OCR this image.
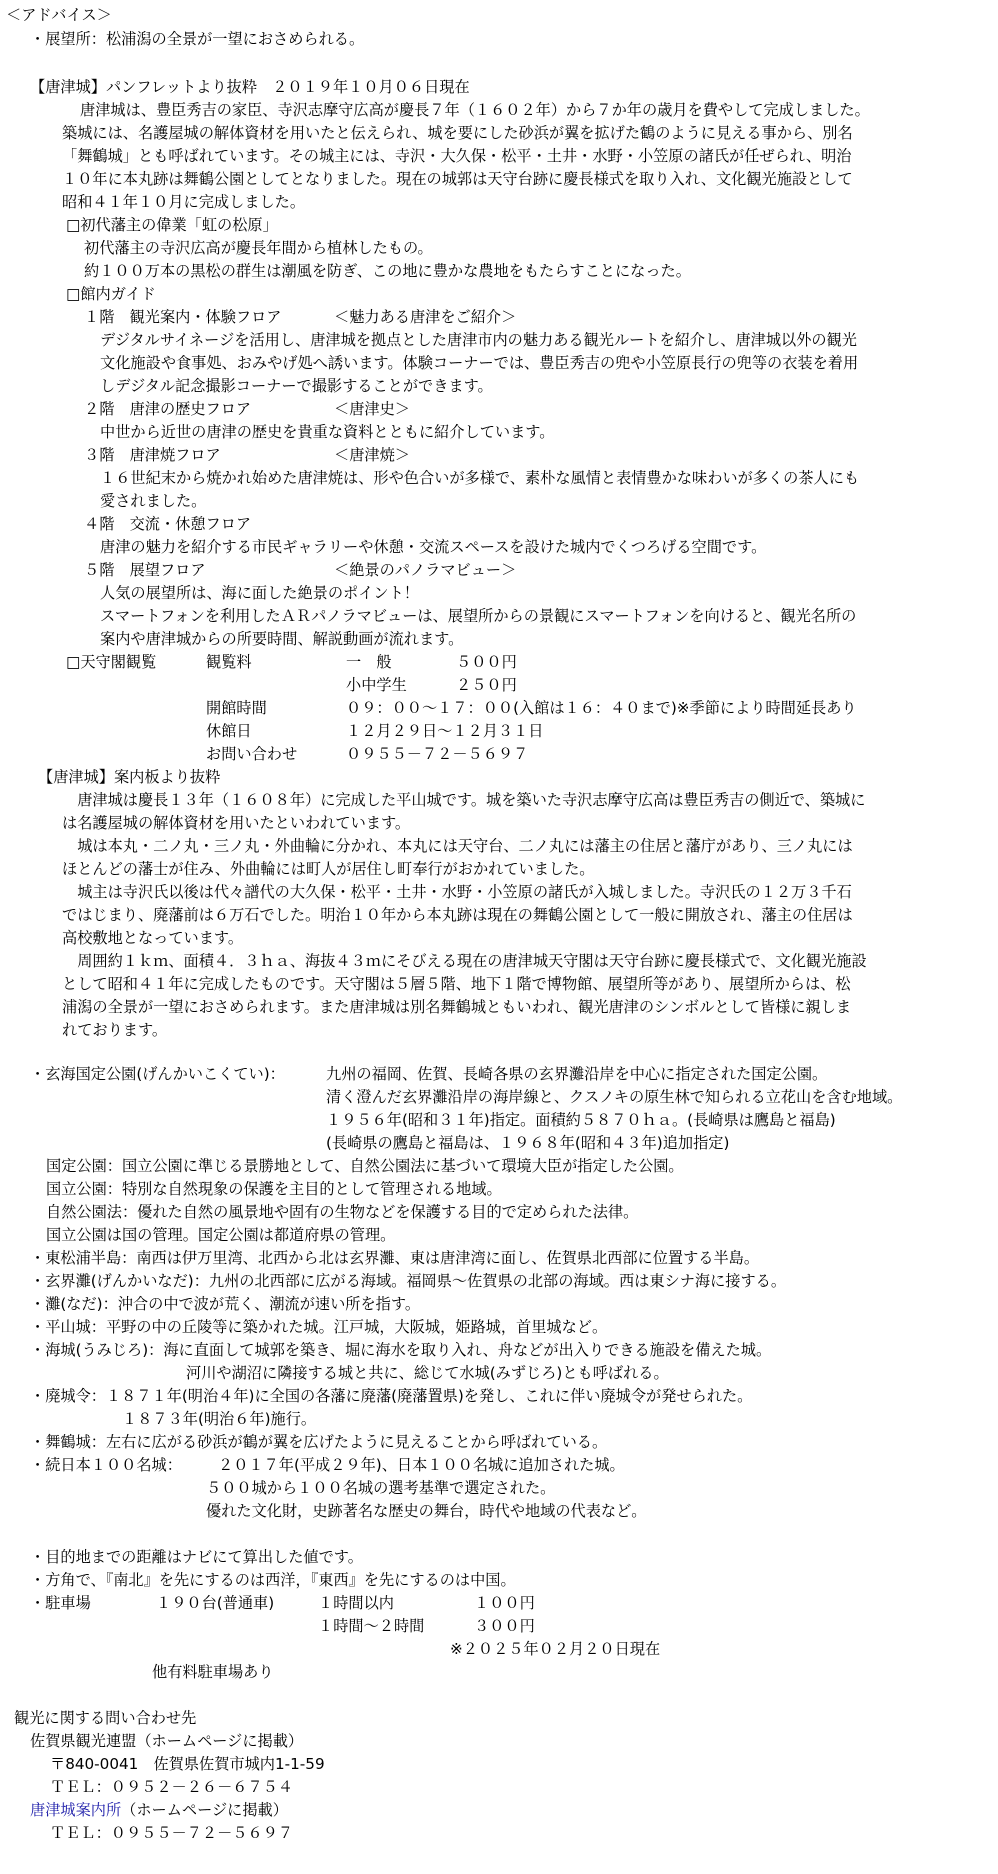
＜アドバイス＞
・展望所：松浦潟の全景が一望におさめられる。
【唐津城】パンフレットより抜粋　２０１９年１０月０６日現在
唐津城は、豊臣秀吉の家臣、寺沢志摩守広高が慶長７年（１６０２年）から７か年の歳月を費やして完成しました。
築城には、名護屋城の解体資材を用いたと伝えられ、城を要にした砂浜が翼を拡げた鶴のように見える事から、別名
「舞鶴城」とも呼ばれています。その城主には、寺沢・大久保・松平・土井・水野・小笠原の諸氏が任ぜられ、明治
１０年に本丸跡は舞鶴公園としてとなりました。現在の城郭は天守台跡に慶長様式を取り入れ、文化観光施設として
昭和４１年１０月に完成しました。
□初代藩主の偉業「虹の松原」
初代藩主の寺沢広高が慶長年間から植林したもの。
約１００万本の黒松の群生は潮風を防ぎ、この地に豊かな農地をもたらすことになった。
□館内ガイド
１階　観光案内・体験フロア	＜魅力ある唐津をご紹介＞
デジタルサイネージを活用し、唐津城を拠点とした唐津市内の魅力ある観光ルートを紹介し、唐津城以外の観光
文化施設や食事処、おみやげ処へ誘います。体験コーナーでは、豊臣秀吉の兜や小笠原長行の兜等の衣装を着用
しデジタル記念撮影コーナーで撮影することができます。
２階　唐津の歴史フロア	＜唐津史＞
中世から近世の唐津の歴史を貴重な資料とともに紹介しています。
３階　唐津焼フロア	＜唐津焼＞
１６世紀末から焼かれ始めた唐津焼は、形や色合いが多様で、素朴な風情と表情豊かな味わいが多くの茶人にも
愛されました。
４階　交流・休憩フロア
唐津の魅力を紹介する市民ギャラリーや休憩・交流スペースを設けた城内でくつろげる空間です。
５階　展望フロア	＜絶景のパノラマビュー＞
人気の展望所は、海に面した絶景のポイント！
スマートフォンを利用したＡＲパノラマビューは、展望所からの景観にスマートフォンを向けると、観光名所の
案内や唐津城からの所要時間、解説動画が流れます。
□天守閣観覧	観覧料	一　般	５００円
小中学生	２５０円
開館時間	０９：００～１７：００(入館は１６：４０まで)※季節により時間延長あり
休館日	１２月２９日～１２月３１日
お問い合わせ	０９５５－７２－５６９７
【唐津城】案内板より抜粋
　唐津城は慶長１３年（１６０８年）に完成した平山城です。城を築いた寺沢志摩守広高は豊臣秀吉の側近で、築城に
は名護屋城の解体資材を用いたといわれています。
　城は本丸・二ノ丸・三ノ丸・外曲輪に分かれ、本丸には天守台、二ノ丸には藩主の住居と藩庁があり、三ノ丸には
ほとんどの藩士が住み、外曲輪には町人が居住し町奉行がおかれていました。
　城主は寺沢氏以後は代々譜代の大久保・松平・土井・水野・小笠原の諸氏が入城しました。寺沢氏の１２万３千石
ではじまり、廃藩前は６万石でした。明治１０年から本丸跡は現在の舞鶴公園として一般に開放され、藩主の住居は
高校敷地となっています。
　周囲約１ｋｍ、面積４．３ｈａ、海抜４３ｍにそびえる現在の唐津城天守閣は天守台跡に慶長様式で、文化観光施設
として昭和４１年に完成したものです。天守閣は５層５階、地下１階で博物館、展望所等があり、展望所からは、松
浦潟の全景が一望におさめられます。また唐津城は別名舞鶴城ともいわれ、観光唐津のシンボルとして皆様に親しま
れております。
・玄海国定公園(げんかいこくてい)：	九州の福岡、佐賀、長崎各県の玄界灘沿岸を中心に指定された国定公園。
清く澄んだ玄界灘沿岸の海岸線と、クスノキの原生林で知られる立花山を含む地域。
１９５６年(昭和３１年)指定。面積約５８７０ｈａ。(長崎県は鷹島と福島)
(長崎県の鷹島と福島は、１９６８年(昭和４３年)追加指定)
国定公園：国立公園に準じる景勝地として、自然公園法に基づいて環境大臣が指定した公園。
国立公園：特別な自然現象の保護を主目的として管理される地域。
自然公園法：優れた自然の風景地や固有の生物などを保護する目的で定められた法律。
国立公園は国の管理。国定公園は都道府県の管理。
・東松浦半島：南西は伊万里湾、北西から北は玄界灘、東は唐津湾に面し、佐賀県北西部に位置する半島。
・玄界灘(げんかいなだ)：九州の北西部に広がる海域。福岡県～佐賀県の北部の海域。西は東シナ海に接する。
・灘(なだ)：沖合の中で波が荒く、潮流が速い所を指す。
・平山城：平野の中の丘陵等に築かれた城。江戸城，大阪城，姫路城，首里城など。
・海城(うみじろ)：海に直面して城郭を築き、堀に海水を取り入れ、舟などが出入りできる施設を備えた城。
河川や湖沼に隣接する城と共に、総じて水城(みずじろ)とも呼ばれる。
・廃城令：１８７１年(明治４年)に全国の各藩に廃藩(廃藩置県)を発し、これに伴い廃城令が発せられた。
１８７３年(明治６年)施行。
・舞鶴城：左右に広がる砂浜が鶴が翼を広げたように見えることから呼ばれている。
・続日本１００名城： ２０１７年(平成２９年)、日本１００名城に追加された城。
５００城から１００名城の選考基準で選定された。
優れた文化財，史跡著名な歴史の舞台，時代や地域の代表など。
・目的地までの距離はナビにて算出した値です。
・方角で、『南北』を先にするのは西洋，『東西』を先にするのは中国。
・駐車場	１９０台(普通車)	１時間以内	１００円
１時間～２時間	３００円
※２０２５年０２月２０日現在
他有料駐車場あり
観光に関する問い合わせ先
佐賀県観光連盟（ホームページに掲載）
〒840-0041　佐賀県佐賀市城内1-1-59
ＴＥＬ：０９５２－２６－６７５４
唐津城案内所（ホームページに掲載）
ＴＥＬ：０９５５－７２－５６９７
